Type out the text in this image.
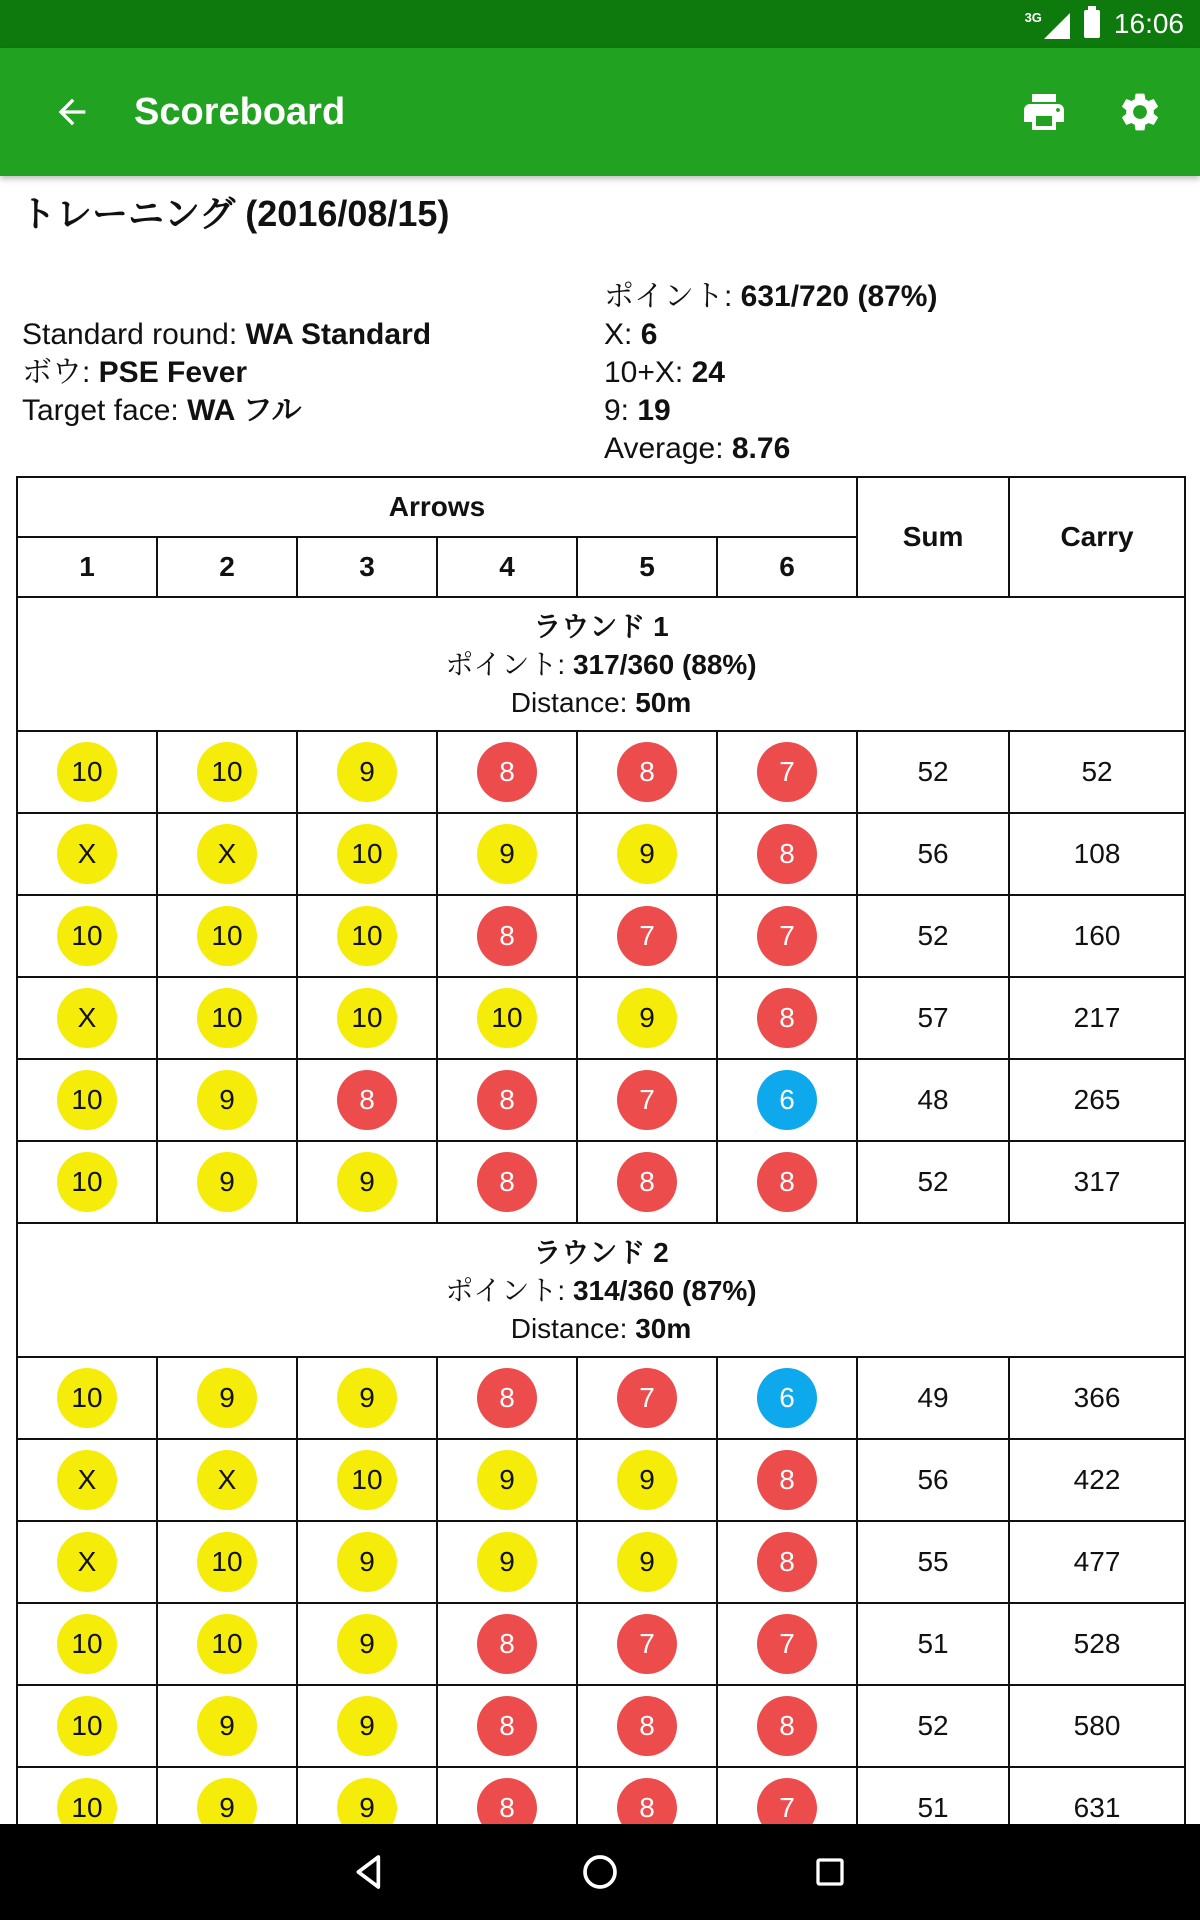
3G	16:06
Scoreboard
トレーニング (2016/08/15)
Standard round: WA Standard
ボウ: PSE Fever
Target face: WA フル
ポイント: 631/720 (87%)
X: 6
10+X: 24
9: 19
Average: 8.76
Arrows						Sum	Carry
1	2	3	4	5	6		

ラウンド 1
ポイント: 317/360 (88%)
Distance: 50m							

10	10	9	8	8	7	52	52
X	X	10	9	9	8	56	108
10	10	10	8	7	7	52	160
X	10	10	10	9	8	57	217
10	9	8	8	7	6	48	265
10	9	9	8	8	8	52	317

ラウンド 2
ポイント: 314/360 (87%)
Distance: 30m							

10	9	9	8	7	6	49	366
X	X	10	9	9	8	56	422
X	10	9	9	9	8	55	477
10	10	9	8	7	7	51	528
10	9	9	8	8	8	52	580
10	9	9	8	8	7	51	631
